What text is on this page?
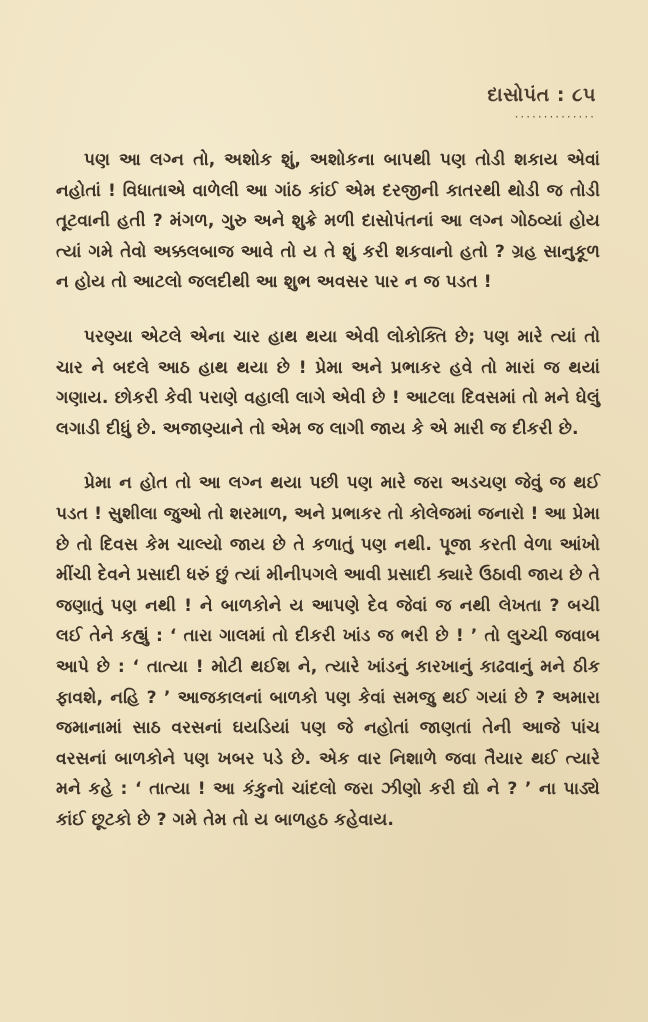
દાસોપંત : ૮૫
··············

પણ આ લગ્ન તો, અશોક શું, અશોકના બાપથી પણ તોડી શકાય એવાં નહોતાં ! વિધાતાએ વાળેલી આ ગાંઠ કાંઈ એમ દરજીની કાતરથી થોડી જ તોડી તૂટવાની હતી ? મંગળ, ગુરુ અને શુક્રે મળી દાસોપંતનાં આ લગ્ન ગોઠવ્યાં હોય ત્યાં ગમે તેવો અક્કલબાજ આવે તો ય તે શું કરી શકવાનો હતો ? ગ્રહ સાનુકૂળ ન હોય તો આટલો જલદીથી આ શુભ અવસર પાર ન જ પડત !

પરણ્યા એટલે એના ચાર હાથ થયા એવી લોકોક્તિ છે; પણ મારે ત્યાં તો ચાર ને બદલે આઠ હાથ થયા છે ! પ્રેમા અને પ્રભાકર હવે તો મારાં જ થયાં ગણાય. છોકરી કેવી પરાણે વહાલી લાગે એવી છે ! આટલા દિવસમાં તો મને ઘેલું લગાડી દીધું છે. અજાણ્યાને તો એમ જ લાગી જાય કે એ મારી જ દીકરી છે.

પ્રેમા ન હોત તો આ લગ્ન થયા પછી પણ મારે જરા અડચણ જેવું જ થઈ પડત ! સુશીલા જુઓ તો શરમાળ, અને પ્રભાકર તો કોલેજમાં જનારો ! આ પ્રેમા છે તો દિવસ કેમ ચાલ્યો જાય છે તે કળાતું પણ નથી. પૂજા કરતી વેળા આંખો મીંચી દેવને પ્રસાદી ધરું છું ત્યાં મીનીપગલે આવી પ્રસાદી ક્યારે ઉઠાવી જાય છે તે જણાતું પણ નથી ! ને બાળકોને ય આપણે દેવ જેવાં જ નથી લેખતા ? બચી લઈ તેને કહ્યું : ‘ તારા ગાલમાં તો દીકરી ખાંડ જ ભરી છે ! ’ તો લુચ્ચી જવાબ આપે છે : ‘ તાત્યા ! મોટી થઈશ ને, ત્યારે ખાંડનું કારખાનું કાઢવાનું મને ઠીક ફાવશે, નહિ ? ’ આજકાલનાં બાળકો પણ કેવાં સમજુ થઈ ગયાં છે ? અમારા જમાનામાં સાઠ વરસનાં ઘયડિયાં પણ જે નહોતાં જાણતાં તેની આજે પાંચ વરસનાં બાળકોને પણ ખબર પડે છે. એક વાર નિશાળે જવા તૈયાર થઈ ત્યારે મને કહે : ‘ તાત્યા ! આ કંકુનો ચાંદલો જરા ઝીણો કરી દ્યો ને ? ’ ના પાડ્યે કાંઈ છૂટકો છે ? ગમે તેમ તો ય બાળહઠ કહેવાય.
